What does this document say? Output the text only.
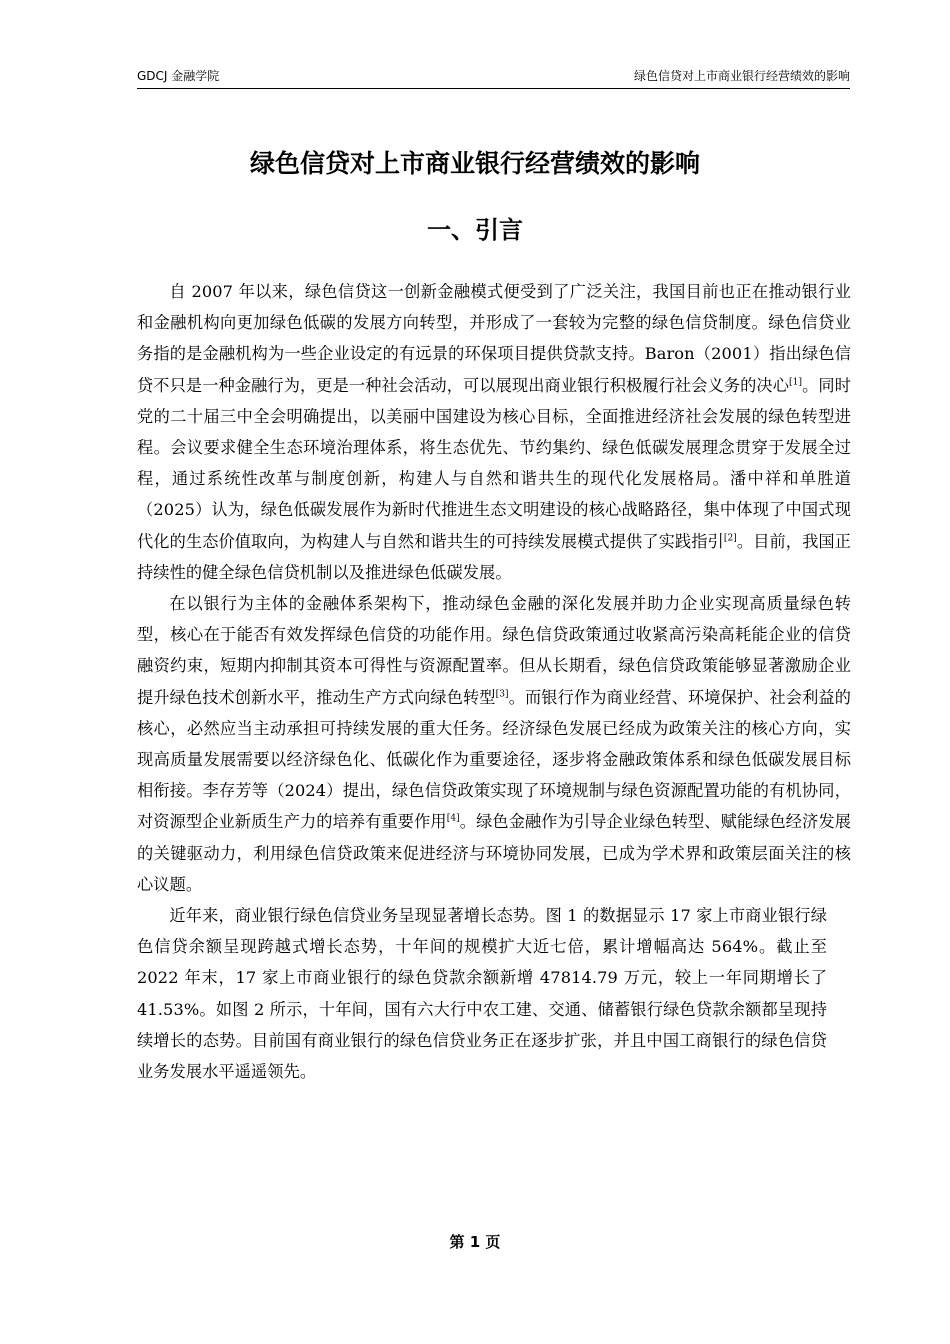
GDCJ 金融学院	绿色信贷对上市商业银行经营绩效的影响
绿色信贷对上市商业银行经营绩效的影响
一、引言

自 2007 年以来，绿色信贷这一创新金融模式便受到了广泛关注，我国目前也正在推动银行业和金融机构向更加绿色低碳的发展方向转型，并形成了一套较为完整的绿色信贷制度。绿色信贷业务指的是金融机构为一些企业设定的有远景的环保项目提供贷款支持。Baron（2001）指出绿色信贷不只是一种金融行为，更是一种社会活动，可以展现出商业银行积极履行社会义务的决心[1]。同时党的二十届三中全会明确提出，以美丽中国建设为核心目标，全面推进经济社会发展的绿色转型进程。会议要求健全生态环境治理体系，将生态优先、节约集约、绿色低碳发展理念贯穿于发展全过程，通过系统性改革与制度创新，构建人与自然和谐共生的现代化发展格局。潘中祥和单胜道（2025）认为，绿色低碳发展作为新时代推进生态文明建设的核心战略路径，集中体现了中国式现代化的生态价值取向，为构建人与自然和谐共生的可持续发展模式提供了实践指引[2]。目前，我国正持续性的健全绿色信贷机制以及推进绿色低碳发展。

在以银行为主体的金融体系架构下，推动绿色金融的深化发展并助力企业实现高质量绿色转型，核心在于能否有效发挥绿色信贷的功能作用。绿色信贷政策通过收紧高污染高耗能企业的信贷融资约束，短期内抑制其资本可得性与资源配置率。但从长期看，绿色信贷政策能够显著激励企业提升绿色技术创新水平，推动生产方式向绿色转型[3]。而银行作为商业经营、环境保护、社会利益的核心，必然应当主动承担可持续发展的重大任务。经济绿色发展已经成为政策关注的核心方向，实现高质量发展需要以经济绿色化、低碳化作为重要途径，逐步将金融政策体系和绿色低碳发展目标相衔接。李存芳等（2024）提出，绿色信贷政策实现了环境规制与绿色资源配置功能的有机协同，对资源型企业新质生产力的培养有重要作用[4]。绿色金融作为引导企业绿色转型、赋能绿色经济发展的关键驱动力，利用绿色信贷政策来促进经济与环境协同发展，已成为学术界和政策层面关注的核心议题。

近年来，商业银行绿色信贷业务呈现显著增长态势。图 1 的数据显示 17 家上市商业银行绿色信贷余额呈现跨越式增长态势，十年间的规模扩大近七倍，累计增幅高达 564%。截止至 2022 年末，17 家上市商业银行的绿色贷款余额新增 47814.79 万元，较上一年同期增长了 41.53%。如图 2 所示，十年间，国有六大行中农工建、交通、储蓄银行绿色贷款余额都呈现持续增长的态势。目前国有商业银行的绿色信贷业务正在逐步扩张，并且中国工商银行的绿色信贷业务发展水平遥遥领先。

第 1 页
